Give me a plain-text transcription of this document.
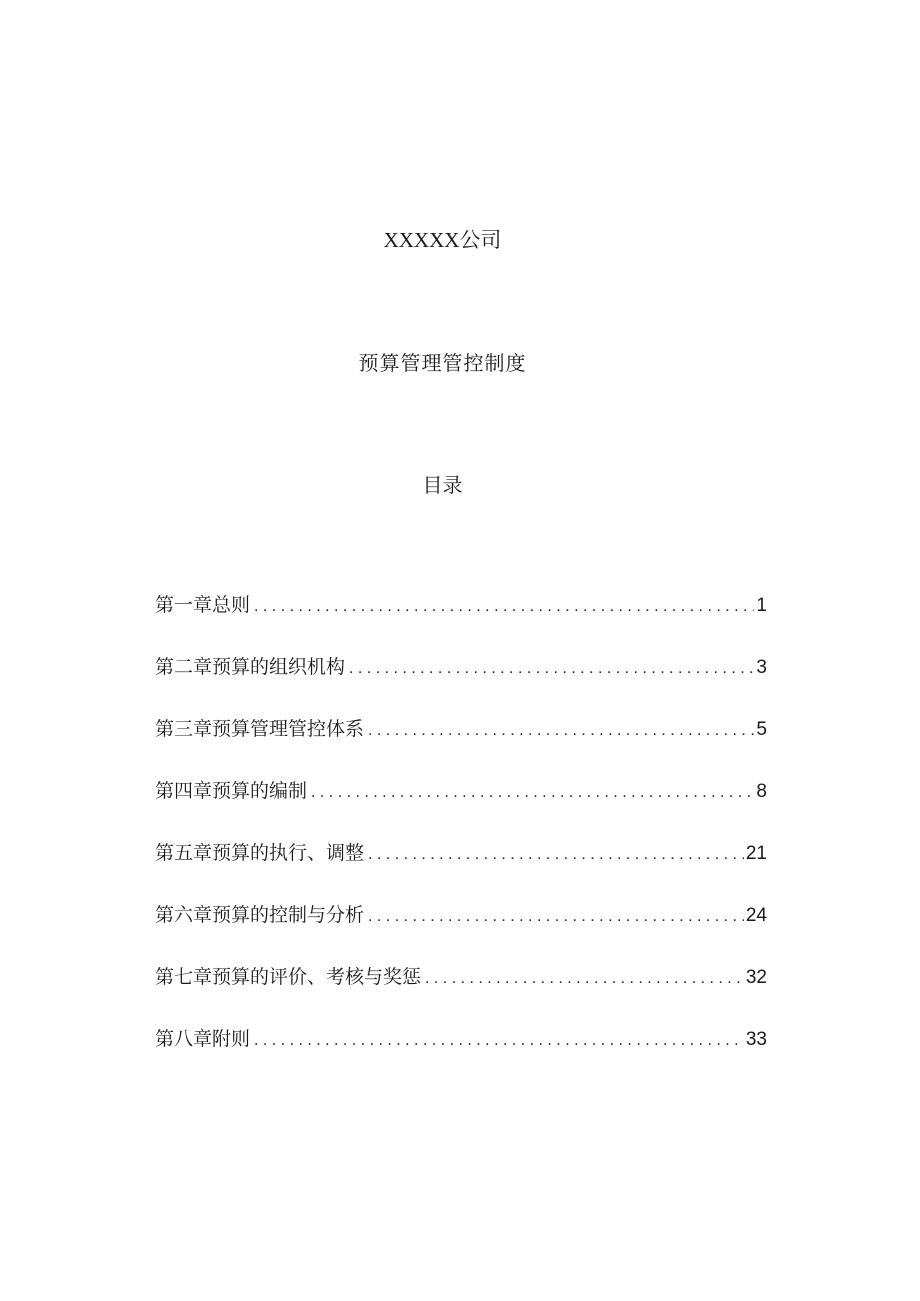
XXXXX公司
预算管理管控制度
目录
第一章总则 . . .	1
第二章预算的组织机构 . . .	3
第三章预算管理管控体系 . . .	5
第四章预算的编制 . . .	8
第五章预算的执行、调整 . . .	21
第六章预算的控制与分析 . . .	24
第七章预算的评价、考核与奖惩 . . .	32
第八章附则 . . .	33
